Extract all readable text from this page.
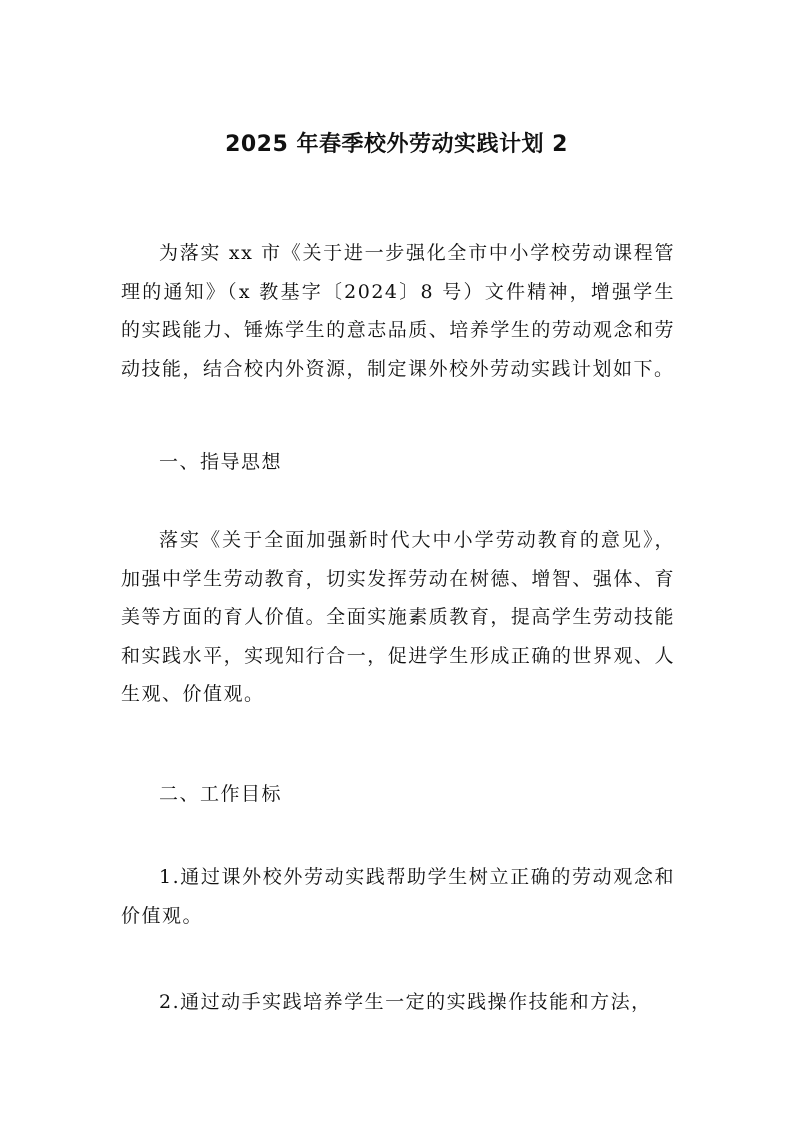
2025 年春季校外劳动实践计划 2

为落实 xx 市《关于进一步强化全市中小学校劳动课程管理的通知》（x 教基字〔2024〕8 号）文件精神，增强学生的实践能力、锤炼学生的意志品质、培养学生的劳动观念和劳动技能，结合校内外资源，制定课外校外劳动实践计划如下。

一、指导思想

落实《关于全面加强新时代大中小学劳动教育的意见》，加强中学生劳动教育，切实发挥劳动在树德、增智、强体、育美等方面的育人价值。全面实施素质教育，提高学生劳动技能和实践水平，实现知行合一，促进学生形成正确的世界观、人生观、价值观。

二、工作目标

1.通过课外校外劳动实践帮助学生树立正确的劳动观念和价值观。

2.通过动手实践培养学生一定的实践操作技能和方法，
